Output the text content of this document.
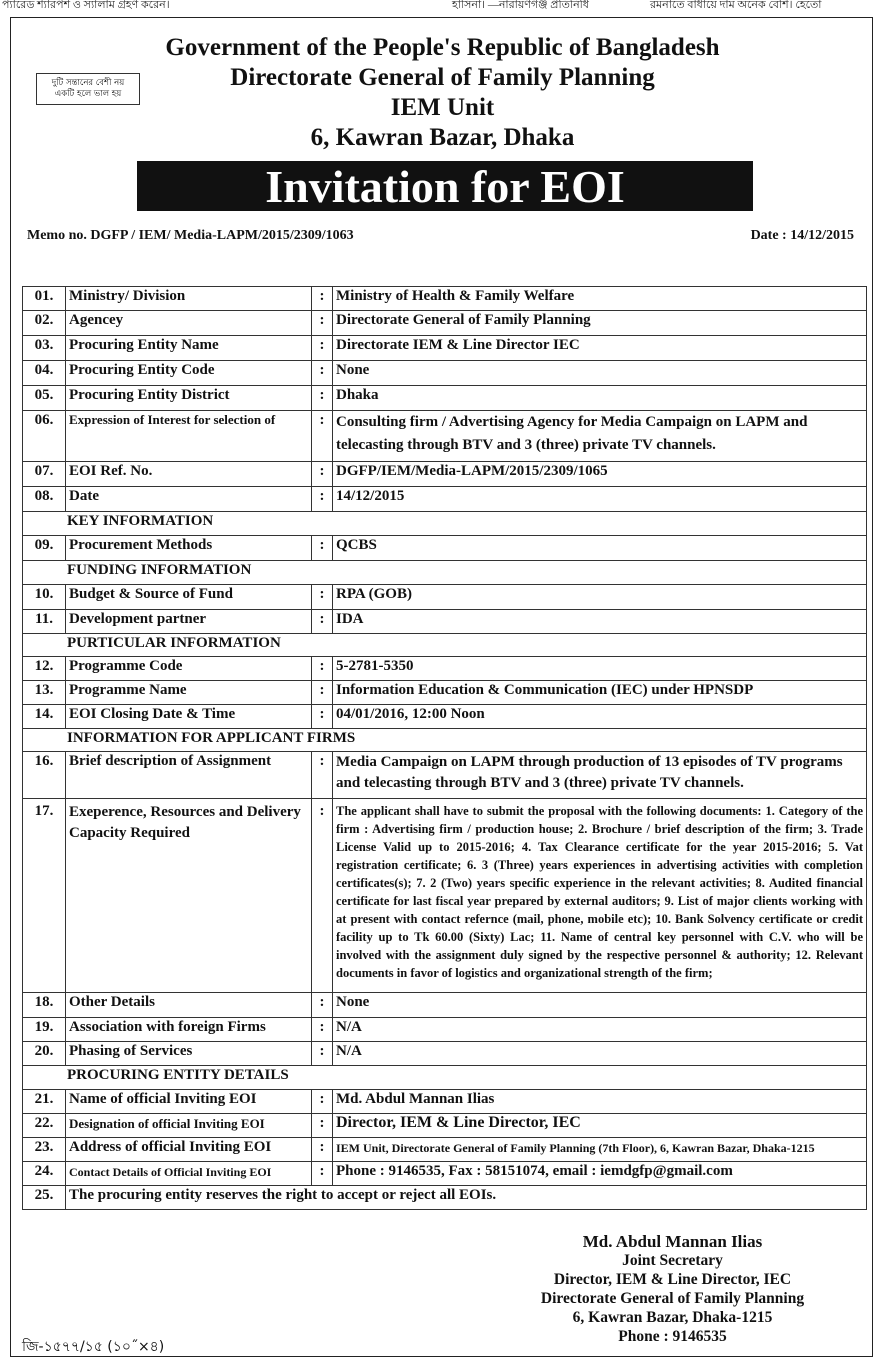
প্যারেড শ্যারপশ ও স্যালাম গ্রহণ করেন।	হাসিনা। —নারায়ণগঞ্জ প্রতিনিধি	রমনাতে বাধায়ে দাম অনেক বেশি। হেতো
দুটি সন্তানের বেশী নয়
একটি হলে ভাল হয়
Government of the People's Republic of Bangladesh
Directorate General of Family Planning
IEM Unit
6, Kawran Bazar, Dhaka
Invitation for EOI
Memo no. DGFP / IEM/ Media-LAPM/2015/2309/1063	Date : 14/12/2015
01.	Ministry/ Division	:	Ministry of Health & Family Welfare
02.	Agencey	:	Directorate General of Family Planning
03.	Procuring Entity Name	:	Directorate IEM & Line Director IEC
04.	Procuring Entity Code	:	None
05.	Procuring Entity District	:	Dhaka
06.	Expression of Interest for selection of	:	Consulting firm / Advertising Agency for Media Campaign on LAPM and telecasting through BTV and 3 (three) private TV channels.
07.	EOI Ref. No.	:	DGFP/IEM/Media-LAPM/2015/2309/1065
08.	Date	:	14/12/2015
KEY INFORMATION			
09.	Procurement Methods	:	QCBS
FUNDING INFORMATION			
10.	Budget & Source of Fund	:	RPA (GOB)
11.	Development partner	:	IDA
PURTICULAR INFORMATION			
12.	Programme Code	:	5-2781-5350
13.	Programme Name	:	Information Education & Communication (IEC) under HPNSDP
14.	EOI Closing Date & Time	:	04/01/2016, 12:00 Noon
INFORMATION FOR APPLICANT FIRMS			
16.	Brief description of Assignment	:	Media Campaign on LAPM through production of 13 episodes of TV programs and telecasting through BTV and 3 (three) private TV channels.
17.	Exeperence, Resources and Delivery Capacity Required	:	The applicant shall have to submit the proposal with the following documents: 1. Category of the firm : Advertising firm / production house; 2. Brochure / brief description of the firm; 3. Trade License Valid up to 2015-2016; 4. Tax Clearance certificate for the year 2015-2016; 5. Vat registration certificate; 6. 3 (Three) years experiences in advertising activities with completion certificates(s); 7. 2 (Two) years specific experience in the relevant activities; 8. Audited financial certificate for last fiscal year prepared by external auditors; 9. List of major clients working with at present with contact refernce (mail, phone, mobile etc); 10. Bank Solvency certificate or credit facility up to Tk 60.00 (Sixty) Lac; 11. Name of central key personnel with C.V. who will be involved with the assignment duly signed by the respective personnel & authority; 12. Relevant documents in favor of logistics and organizational strength of the firm;
18.	Other Details	:	None
19.	Association with foreign Firms	:	N/A
20.	Phasing of Services	:	N/A
PROCURING ENTITY DETAILS			
21.	Name of official Inviting EOI	:	Md. Abdul Mannan Ilias
22.	Designation of official Inviting EOI	:	Director, IEM & Line Director, IEC
23.	Address of official Inviting EOI	:	IEM Unit, Directorate General of Family Planning (7th Floor), 6, Kawran Bazar, Dhaka-1215
24.	Contact Details of Official Inviting EOI	:	Phone : 9146535, Fax : 58151074, email : iemdgfp@gmail.com
25.	The procuring entity reserves the right to accept or reject all EOIs.		
Md. Abdul Mannan Ilias
Joint Secretary
Director, IEM & Line Director, IEC
Directorate General of Family Planning
6, Kawran Bazar, Dhaka-1215
Phone : 9146535
জি-১৫৭৭/১৫ (১০˝×৪)
